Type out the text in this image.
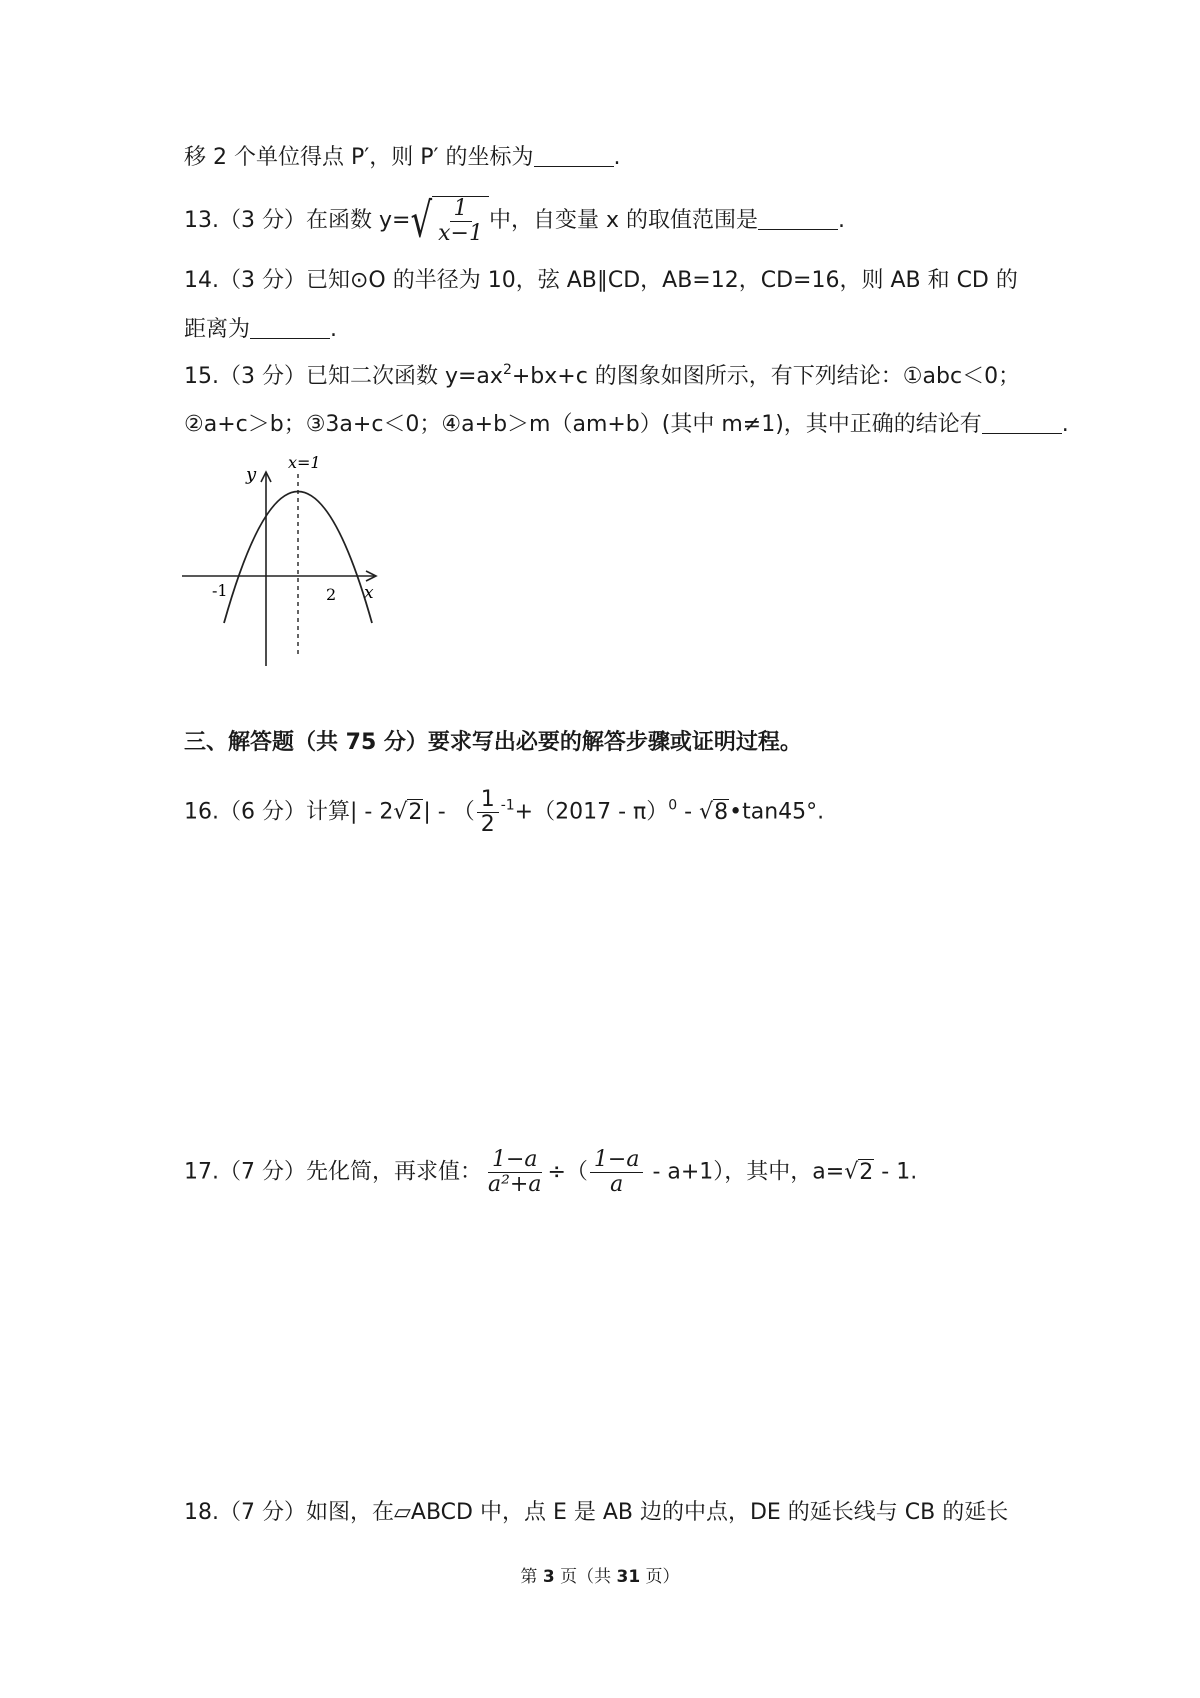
移 2 个单位得点 P′，则 P′ 的坐标为	.
13.（3 分）在函数 y= √ $\frac{1}{x-1}$ 中，自变量 x 的取值范围是	.
14.（3 分）已知⊙O 的半径为 10，弦 AB∥CD，AB=12，CD=16，则 AB 和 CD 的
距离为	.
15.（3 分）已知二次函数 $y=ax^2+bx+c$ 的图象如图所示，有下列结论：①abc＜0；
②a+c＞b；③3a+c＜0；④a+b＞m（am+b）(其中 m≠1)，其中正确的结论有	.
x=1
y
x
-1	2
三、解答题（共 75 分）要求写出必要的解答步骤或证明过程。
16.（6 分）计算| - 2√2| - （ $\frac{1}{2} ^{-1}+(2017 - \pi)^0$ - √8•tan45°.
17.（7 分）先化简，再求值： $\frac{1-a}{\text{a²+a}}$ ÷（ $\frac{1-a}{a} - a+1$），其中，a=√2 - 1.
18.（7 分）如图，在▱ABCD 中，点 E 是 AB 边的中点，DE 的延长线与 CB 的延长
第 3 页（共 31 页）
